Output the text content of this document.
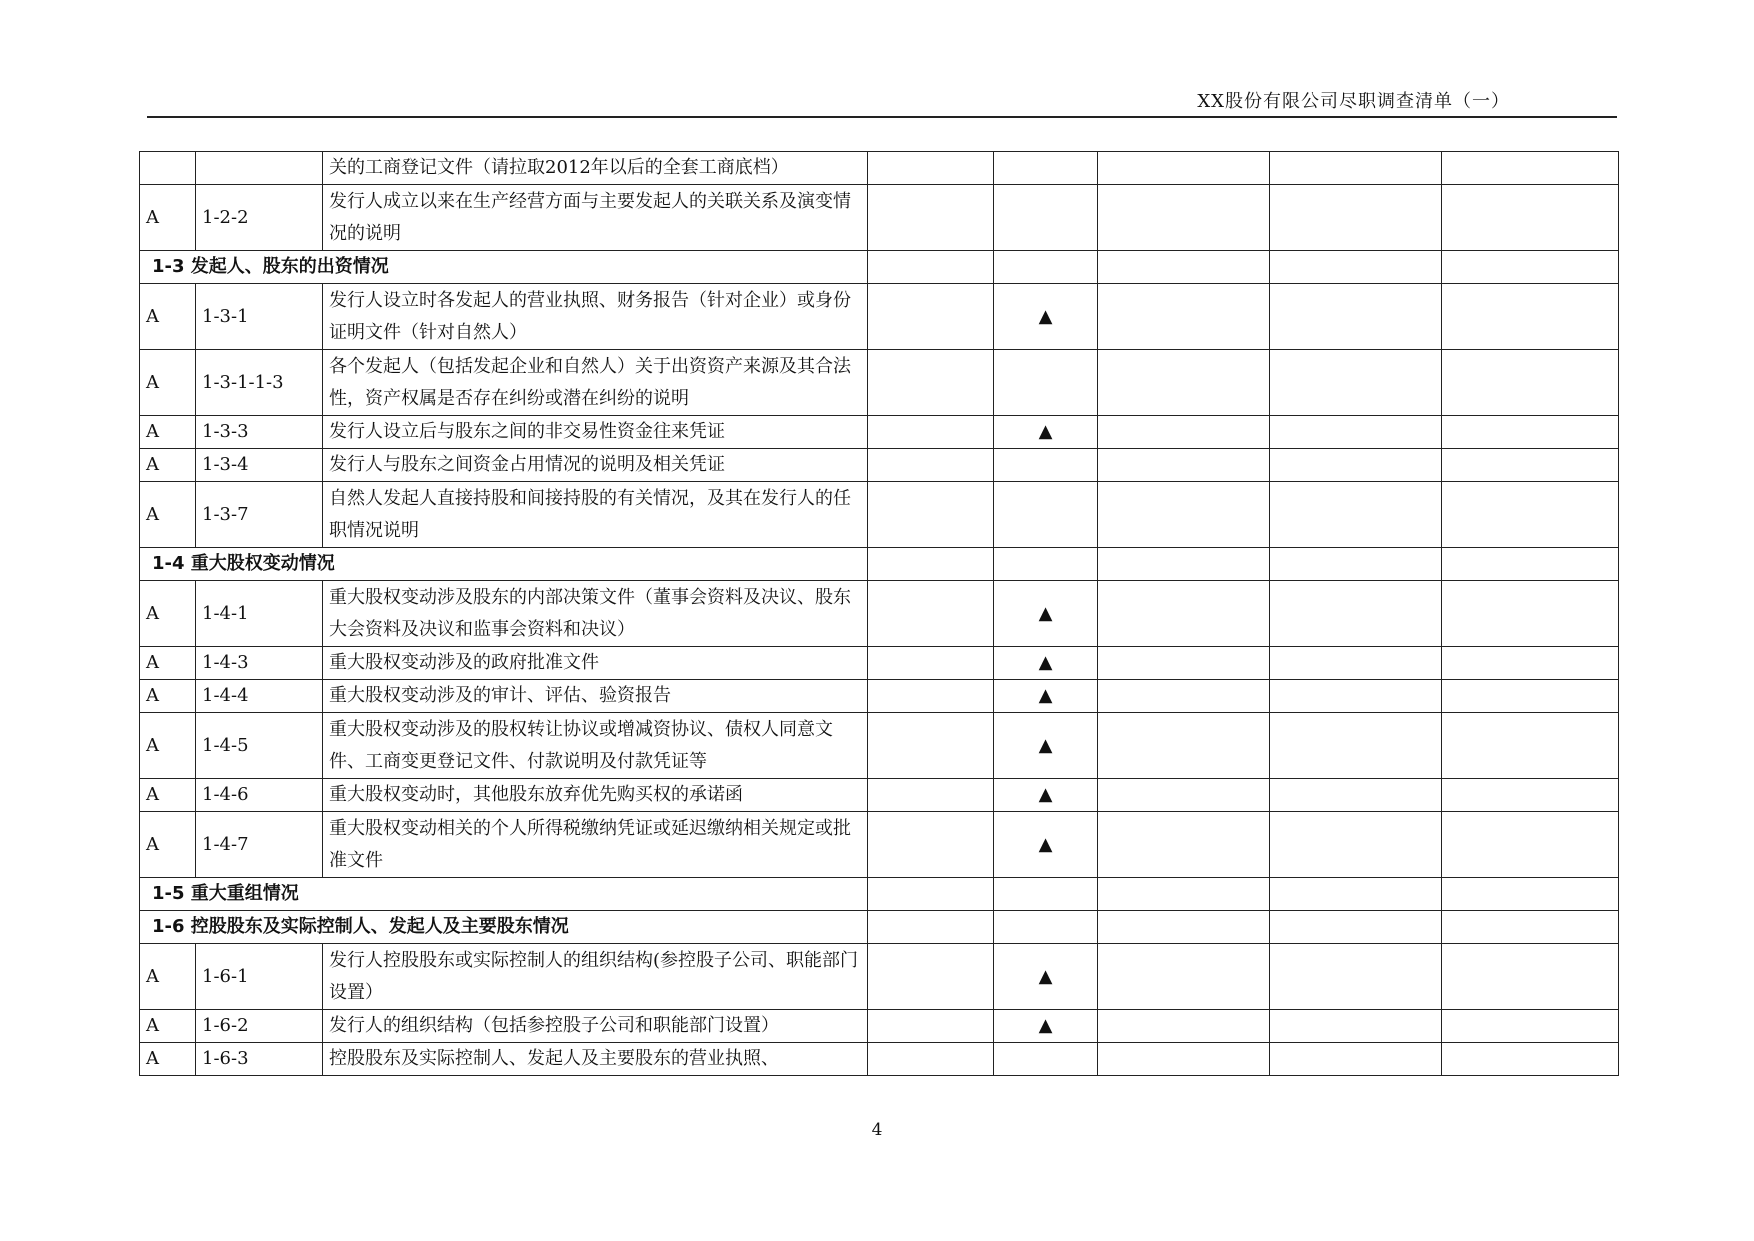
XX股份有限公司尽职调查清单（一）
		关的工商登记文件（请拉取2012年以后的全套工商底档）					
A	1-2-2	发行人成立以来在生产经营方面与主要发起人的关联关系及演变情况的说明					
1-3 发起人、股东的出资情况							
A	1-3-1	发行人设立时各发起人的营业执照、财务报告（针对企业）或身份证明文件（针对自然人）		▲			
A	1-3-1-1-3	各个发起人（包括发起企业和自然人）关于出资资产来源及其合法性，资产权属是否存在纠纷或潜在纠纷的说明					
A	1-3-3	发行人设立后与股东之间的非交易性资金往来凭证		▲			
A	1-3-4	发行人与股东之间资金占用情况的说明及相关凭证					
A	1-3-7	自然人发起人直接持股和间接持股的有关情况，及其在发行人的任职情况说明					
1-4 重大股权变动情况							
A	1-4-1	重大股权变动涉及股东的内部决策文件（董事会资料及决议、股东大会资料及决议和监事会资料和决议）		▲			
A	1-4-3	重大股权变动涉及的政府批准文件		▲			
A	1-4-4	重大股权变动涉及的审计、评估、验资报告		▲			
A	1-4-5	重大股权变动涉及的股权转让协议或增减资协议、债权人同意文件、工商变更登记文件、付款说明及付款凭证等		▲			
A	1-4-6	重大股权变动时，其他股东放弃优先购买权的承诺函		▲			
A	1-4-7	重大股权变动相关的个人所得税缴纳凭证或延迟缴纳相关规定或批准文件		▲			
1-5 重大重组情况							
1-6 控股股东及实际控制人、发起人及主要股东情况							
A	1-6-1	发行人控股股东或实际控制人的组织结构(参控股子公司、职能部门设置）		▲			
A	1-6-2	发行人的组织结构（包括参控股子公司和职能部门设置）		▲			
A	1-6-3	控股股东及实际控制人、发起人及主要股东的营业执照、					
4
